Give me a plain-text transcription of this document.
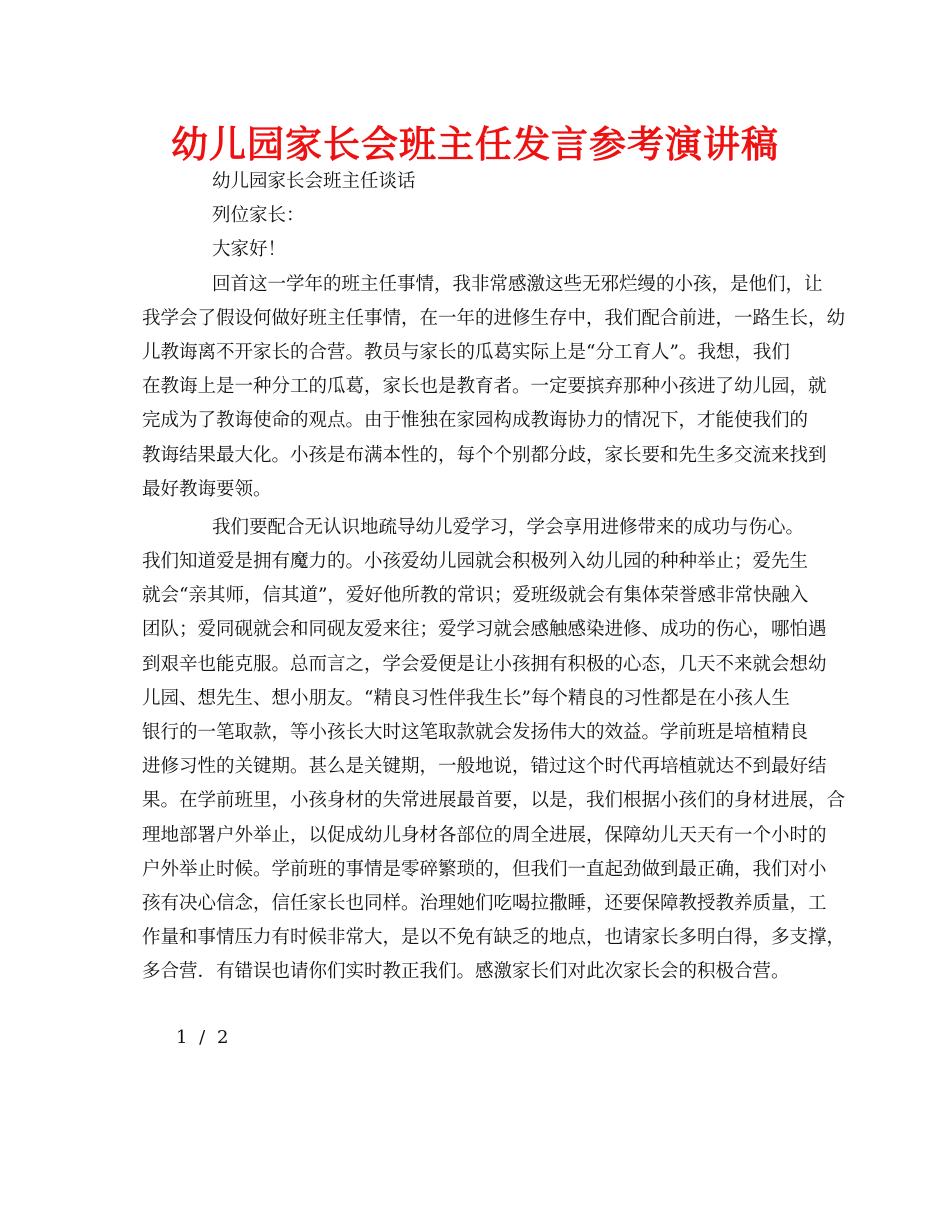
幼儿园家长会班主任发言参考演讲稿
幼儿园家长会班主任谈话
列位家长：
大家好！
回首这一学年的班主任事情，我非常感激这些无邪烂缦的小孩，是他们，让
我学会了假设何做好班主任事情，在一年的进修生存中，我们配合前进，一路生长，幼
儿教诲离不开家长的合营。教员与家长的瓜葛实际上是“分工育人”。我想，我们
在教诲上是一种分工的瓜葛，家长也是教育者。一定要摈弃那种小孩进了幼儿园，就
完成为了教诲使命的观点。由于惟独在家园构成教诲协力的情况下，才能使我们的
教诲结果最大化。小孩是布满本性的，每个个别都分歧，家长要和先生多交流来找到
最好教诲要领。
我们要配合无认识地疏导幼儿爱学习，学会享用进修带来的成功与伤心。
我们知道爱是拥有魔力的。小孩爱幼儿园就会积极列入幼儿园的种种举止；爱先生
就会“亲其师，信其道”，爱好他所教的常识；爱班级就会有集体荣誉感非常快融入
团队；爱同砚就会和同砚友爱来往；爱学习就会感触感染进修、成功的伤心，哪怕遇
到艰辛也能克服。总而言之，学会爱便是让小孩拥有积极的心态，几天不来就会想幼
儿园、想先生、想小朋友。“精良习性伴我生长”每个精良的习性都是在小孩人生
银行的一笔取款，等小孩长大时这笔取款就会发扬伟大的效益。学前班是培植精良
进修习性的关键期。甚么是关键期，一般地说，错过这个时代再培植就达不到最好结
果。在学前班里，小孩身材的失常进展最首要，以是，我们根据小孩们的身材进展，合
理地部署户外举止，以促成幼儿身材各部位的周全进展，保障幼儿天天有一个小时的
户外举止时候。学前班的事情是零碎繁琐的，但我们一直起劲做到最正确，我们对小
孩有决心信念，信任家长也同样。治理她们吃喝拉撒睡，还要保障教授教养质量，工
作量和事情压力有时候非常大，是以不免有缺乏的地点，也请家长多明白得，多支撑，
多合营．有错误也请你们实时教正我们。感激家长们对此次家长会的积极合营。
1 / 2
